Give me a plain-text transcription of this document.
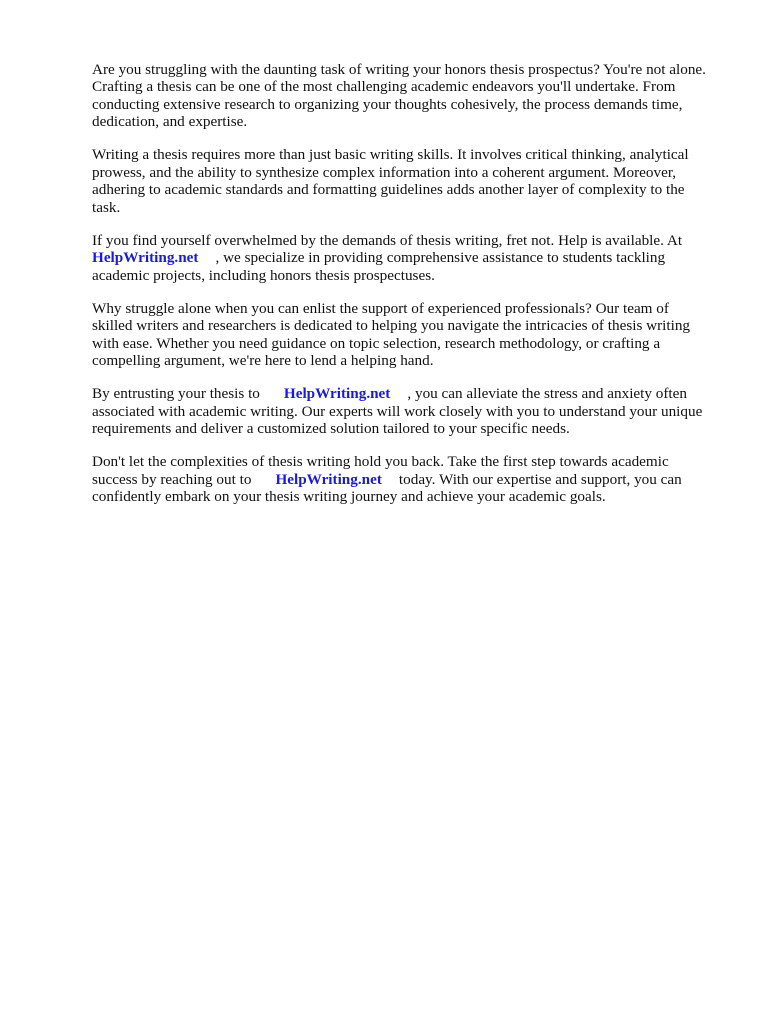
Are you struggling with the daunting task of writing your honors thesis prospectus? You're not alone. Crafting a thesis can be one of the most challenging academic endeavors you'll undertake. From conducting extensive research to organizing your thoughts cohesively, the process demands time, dedication, and expertise.

Writing a thesis requires more than just basic writing skills. It involves critical thinking, analytical prowess, and the ability to synthesize complex information into a coherent argument. Moreover, adhering to academic standards and formatting guidelines adds another layer of complexity to the task.

If you find yourself overwhelmed by the demands of thesis writing, fret not. Help is available. At
HelpWriting.net , we specialize in providing comprehensive assistance to students tackling academic projects, including honors thesis prospectuses.

Why struggle alone when you can enlist the support of experienced professionals? Our team of skilled writers and researchers is dedicated to helping you navigate the intricacies of thesis writing with ease. Whether you need guidance on topic selection, research methodology, or crafting a compelling argument, we're here to lend a helping hand.

By entrusting your thesis to HelpWriting.net , you can alleviate the stress and anxiety often associated with academic writing. Our experts will work closely with you to understand your unique requirements and deliver a customized solution tailored to your specific needs.

Don't let the complexities of thesis writing hold you back. Take the first step towards academic success by reaching out to HelpWriting.net today. With our expertise and support, you can confidently embark on your thesis writing journey and achieve your academic goals.
